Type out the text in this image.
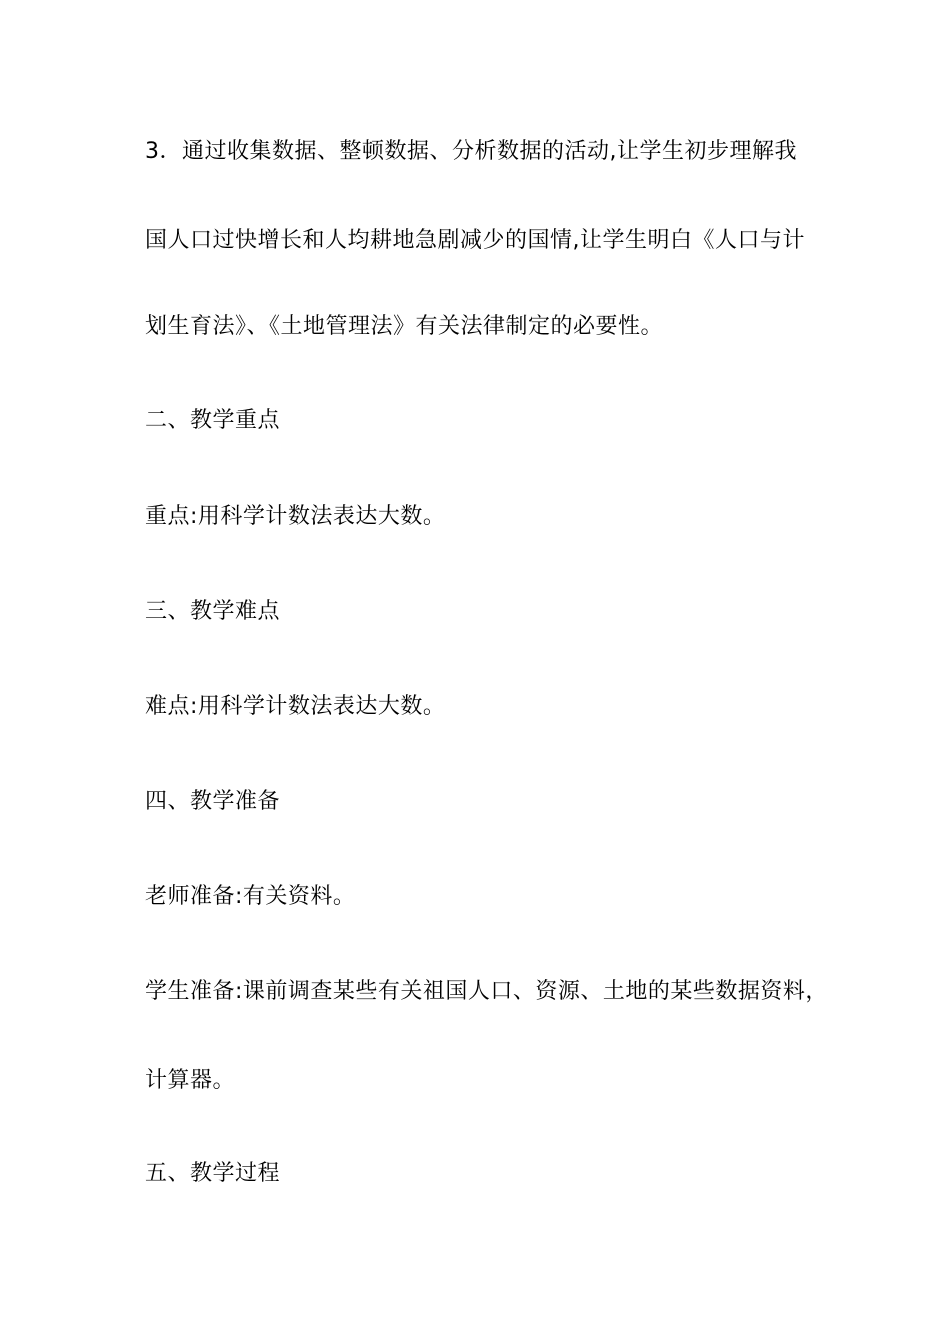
3．通过收集数据、整顿数据、分析数据的活动,让学生初步理解我
国人口过快增长和人均耕地急剧减少的国情,让学生明白《人口与计
划生育法》、《土地管理法》有关法律制定的必要性。
二、教学重点
重点:用科学计数法表达大数。
三、教学难点
难点:用科学计数法表达大数。
四、教学准备
老师准备:有关资料。
学生准备:课前调查某些有关祖国人口、资源、土地的某些数据资料，
计算器。
五、教学过程
